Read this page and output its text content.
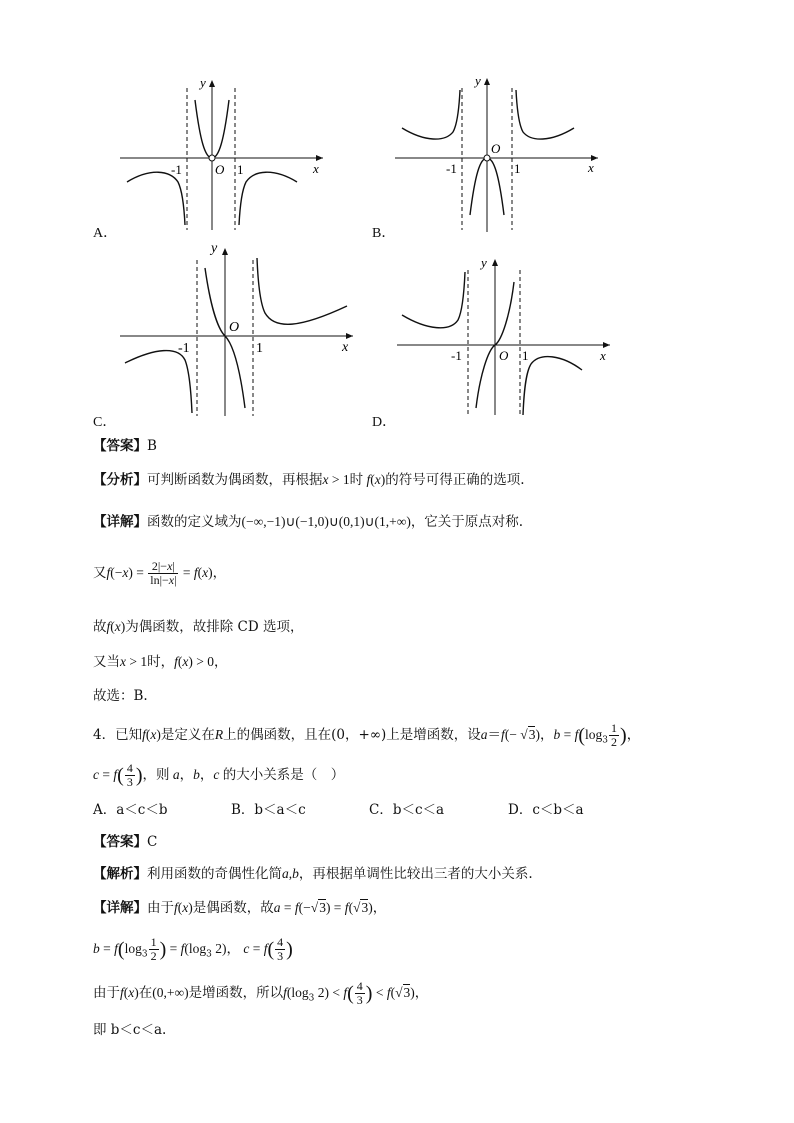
y
x
O
-1	1
A．
y
x
O
-1	1
B．
y
x
O
-1	1
C．
y
x
O
-1	1
D．
【答案】B
【分析】可判断函数为偶函数，再根据x > 1时 f(x)的符号可得正确的选项.
【详解】函数的定义域为(−∞,−1)∪(−1,0)∪(0,1)∪(1,+∞)，它关于原点对称.
又$f(-x) = \frac{2|-x|}{\ln|-x|} = f(x)$，
故f(x)为偶函数，故排除 CD 选项，
又当x > 1时，f(x) > 0，
故选：B.
4．已知f(x)是定义在R上的偶函数，且在(0，+∞)上是增函数，设a＝f(− √3)，$b = f(\log_3 \frac{1}{2}$ )，
$c = f( \frac{4}{3}$ )，则 a，b，c 的大小关系是（　）
A．a＜c＜b	B．b＜a＜c	C．b＜c＜a	D．c＜b＜a
【答案】C
【解析】利用函数的奇偶性化简a,b，再根据单调性比较出三者的大小关系.
【详解】由于f(x)是偶函数，故a = f(−√3) = f(√3)，
$b = f(\log_3 \frac{1}{2}$ ) = $f(\log_3$ 2)， $c = f( \frac{4}{3}$ )
由于f(x)在(0,+∞)是增函数，所以$f(\log_3$ $2) < f( \frac{4}{3}$ ) < f(√3)，
即 b＜c＜a.
